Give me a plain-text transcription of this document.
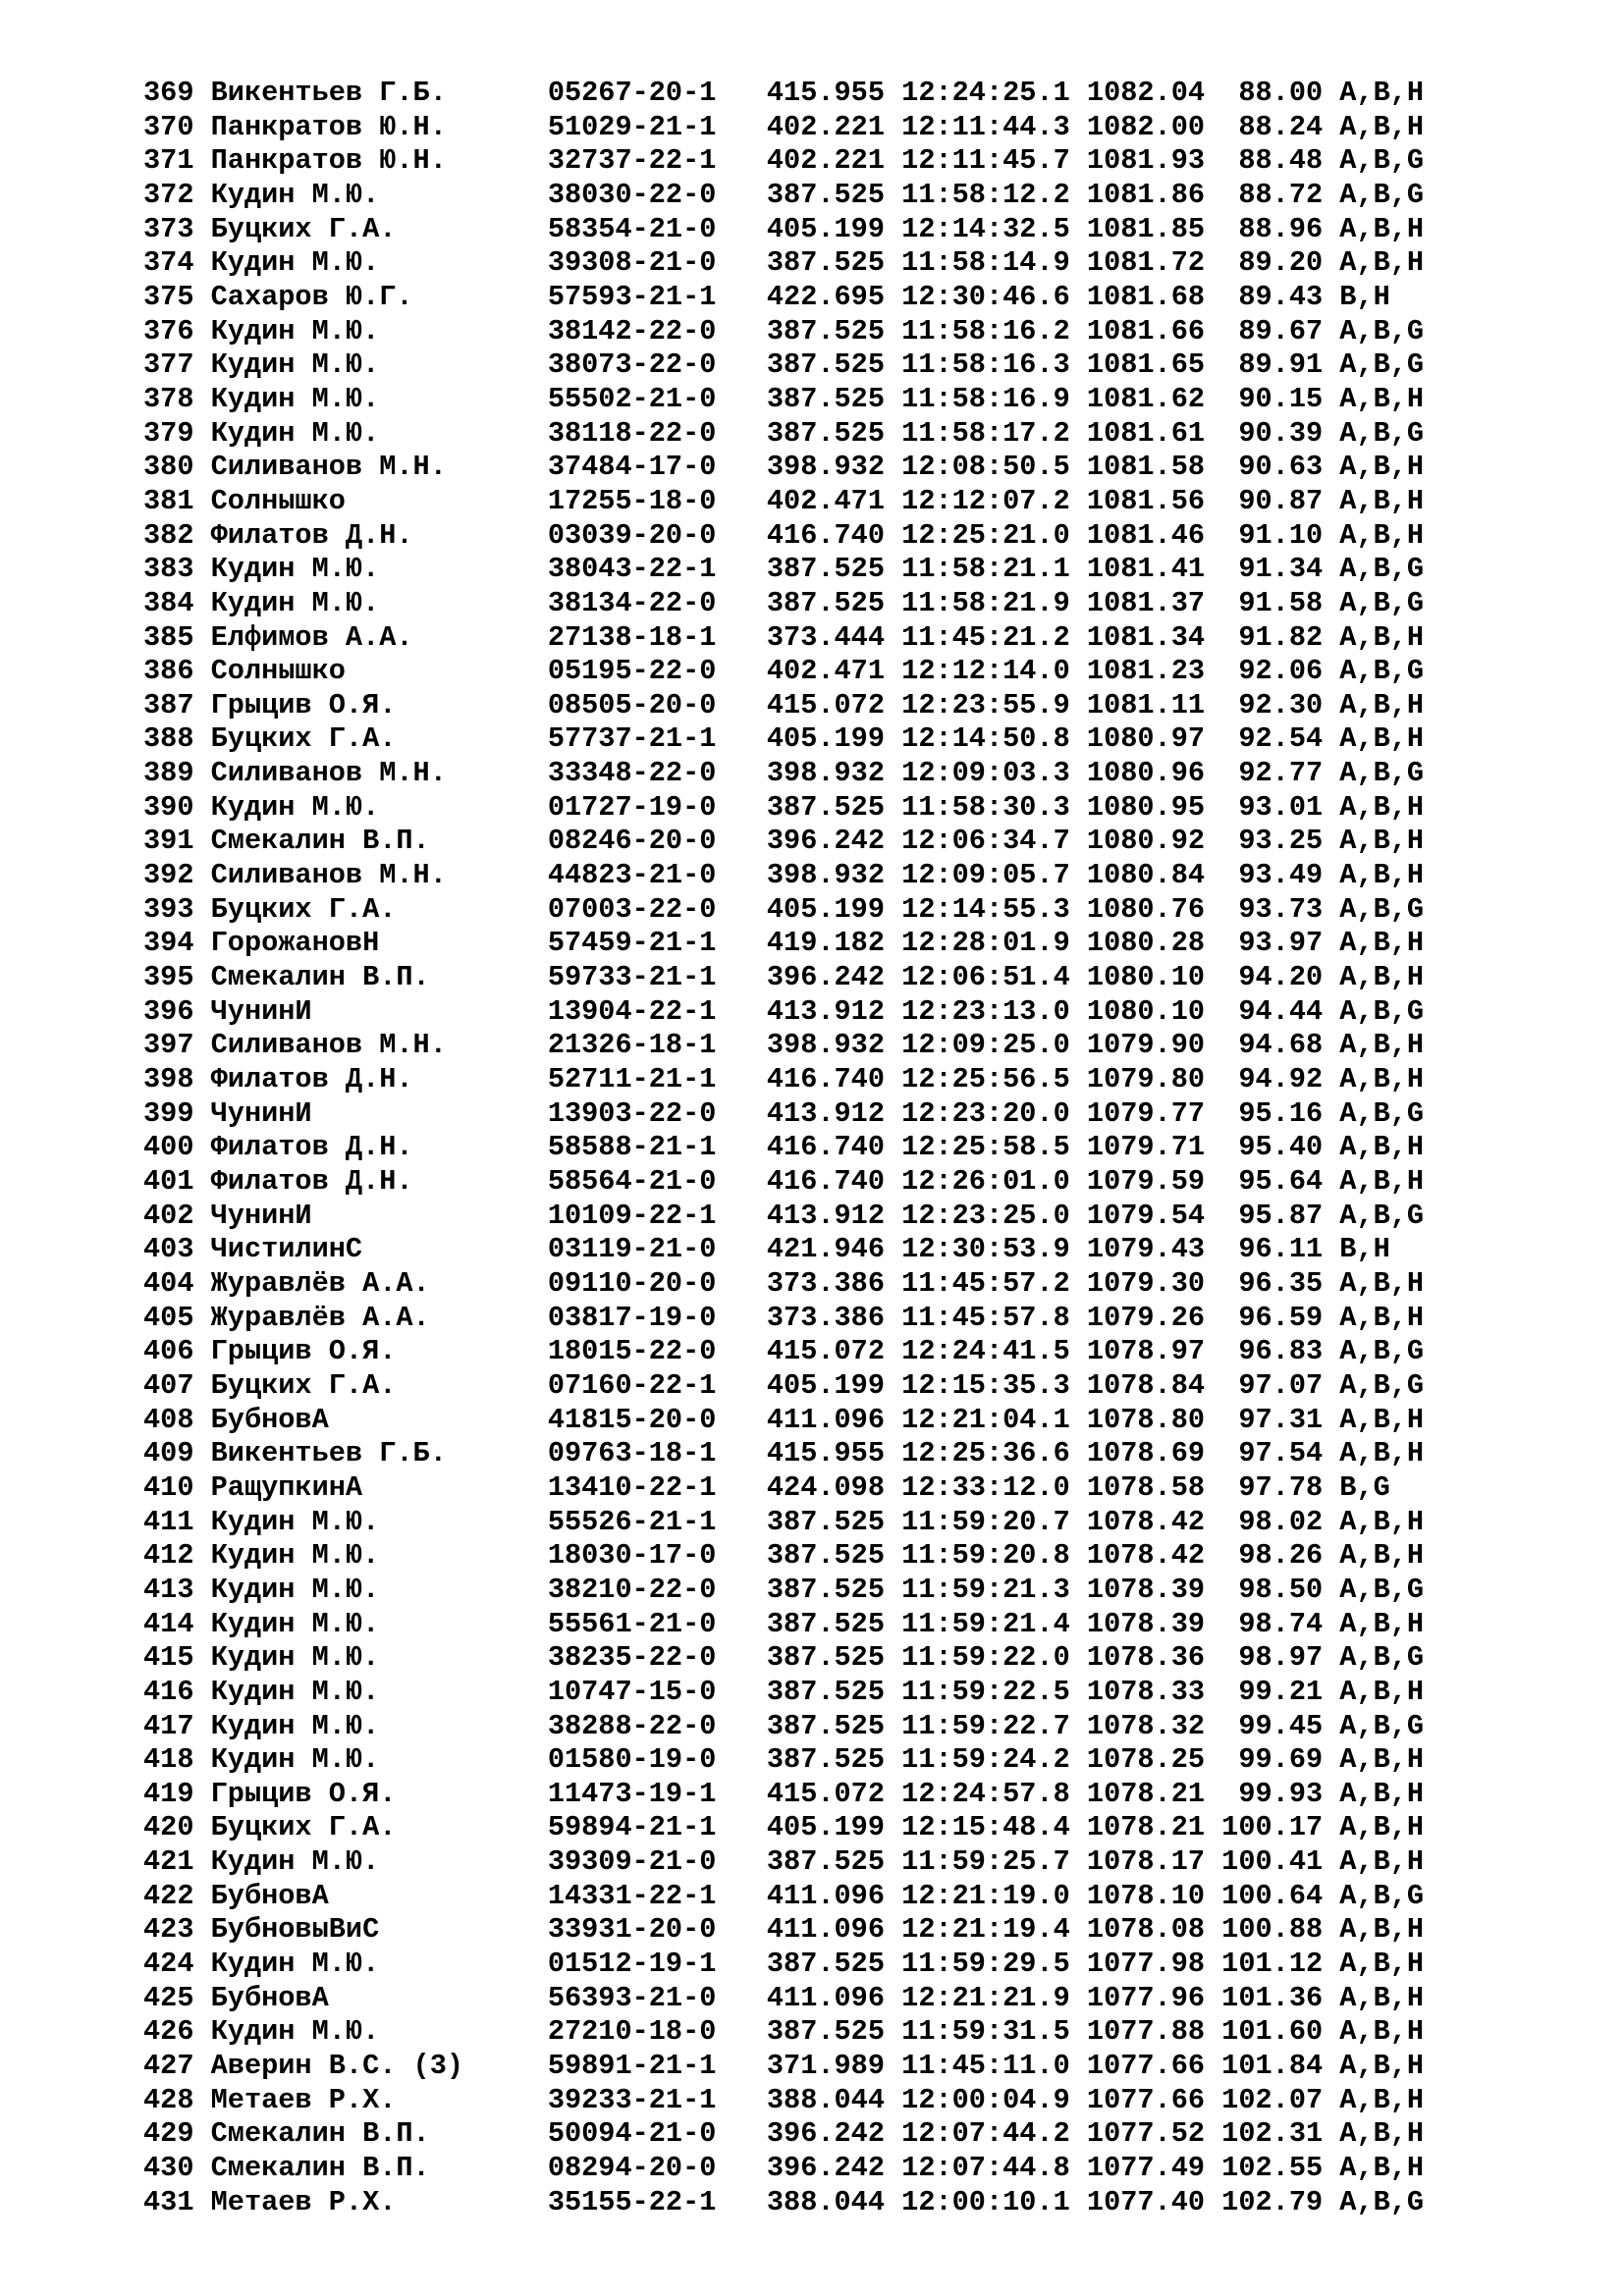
369 Викентьев Г.Б.      05267-20-1   415.955 12:24:25.1 1082.04  88.00 A,B,H
370 Панкратов Ю.Н.      51029-21-1   402.221 12:11:44.3 1082.00  88.24 A,B,H
371 Панкратов Ю.Н.      32737-22-1   402.221 12:11:45.7 1081.93  88.48 A,B,G
372 Кудин М.Ю.          38030-22-0   387.525 11:58:12.2 1081.86  88.72 A,B,G
373 Буцких Г.А.         58354-21-0   405.199 12:14:32.5 1081.85  88.96 A,B,H
374 Кудин М.Ю.          39308-21-0   387.525 11:58:14.9 1081.72  89.20 A,B,H
375 Сахаров Ю.Г.        57593-21-1   422.695 12:30:46.6 1081.68  89.43 B,H
376 Кудин М.Ю.          38142-22-0   387.525 11:58:16.2 1081.66  89.67 A,B,G
377 Кудин М.Ю.          38073-22-0   387.525 11:58:16.3 1081.65  89.91 A,B,G
378 Кудин М.Ю.          55502-21-0   387.525 11:58:16.9 1081.62  90.15 A,B,H
379 Кудин М.Ю.          38118-22-0   387.525 11:58:17.2 1081.61  90.39 A,B,G
380 Силиванов М.Н.      37484-17-0   398.932 12:08:50.5 1081.58  90.63 A,B,H
381 Солнышко            17255-18-0   402.471 12:12:07.2 1081.56  90.87 A,B,H
382 Филатов Д.Н.        03039-20-0   416.740 12:25:21.0 1081.46  91.10 A,B,H
383 Кудин М.Ю.          38043-22-1   387.525 11:58:21.1 1081.41  91.34 A,B,G
384 Кудин М.Ю.          38134-22-0   387.525 11:58:21.9 1081.37  91.58 A,B,G
385 Елфимов А.А.        27138-18-1   373.444 11:45:21.2 1081.34  91.82 A,B,H
386 Солнышко            05195-22-0   402.471 12:12:14.0 1081.23  92.06 A,B,G
387 Грыцив О.Я.         08505-20-0   415.072 12:23:55.9 1081.11  92.30 A,B,H
388 Буцких Г.А.         57737-21-1   405.199 12:14:50.8 1080.97  92.54 A,B,H
389 Силиванов М.Н.      33348-22-0   398.932 12:09:03.3 1080.96  92.77 A,B,G
390 Кудин М.Ю.          01727-19-0   387.525 11:58:30.3 1080.95  93.01 A,B,H
391 Смекалин В.П.       08246-20-0   396.242 12:06:34.7 1080.92  93.25 A,B,H
392 Силиванов М.Н.      44823-21-0   398.932 12:09:05.7 1080.84  93.49 A,B,H
393 Буцких Г.А.         07003-22-0   405.199 12:14:55.3 1080.76  93.73 A,B,G
394 ГорожановН          57459-21-1   419.182 12:28:01.9 1080.28  93.97 A,B,H
395 Смекалин В.П.       59733-21-1   396.242 12:06:51.4 1080.10  94.20 A,B,H
396 ЧунинИ              13904-22-1   413.912 12:23:13.0 1080.10  94.44 A,B,G
397 Силиванов М.Н.      21326-18-1   398.932 12:09:25.0 1079.90  94.68 A,B,H
398 Филатов Д.Н.        52711-21-1   416.740 12:25:56.5 1079.80  94.92 A,B,H
399 ЧунинИ              13903-22-0   413.912 12:23:20.0 1079.77  95.16 A,B,G
400 Филатов Д.Н.        58588-21-1   416.740 12:25:58.5 1079.71  95.40 A,B,H
401 Филатов Д.Н.        58564-21-0   416.740 12:26:01.0 1079.59  95.64 A,B,H
402 ЧунинИ              10109-22-1   413.912 12:23:25.0 1079.54  95.87 A,B,G
403 ЧистилинС           03119-21-0   421.946 12:30:53.9 1079.43  96.11 B,H
404 Журавлёв А.А.       09110-20-0   373.386 11:45:57.2 1079.30  96.35 A,B,H
405 Журавлёв А.А.       03817-19-0   373.386 11:45:57.8 1079.26  96.59 A,B,H
406 Грыцив О.Я.         18015-22-0   415.072 12:24:41.5 1078.97  96.83 A,B,G
407 Буцких Г.А.         07160-22-1   405.199 12:15:35.3 1078.84  97.07 A,B,G
408 БубновА             41815-20-0   411.096 12:21:04.1 1078.80  97.31 A,B,H
409 Викентьев Г.Б.      09763-18-1   415.955 12:25:36.6 1078.69  97.54 A,B,H
410 РащупкинА           13410-22-1   424.098 12:33:12.0 1078.58  97.78 B,G
411 Кудин М.Ю.          55526-21-1   387.525 11:59:20.7 1078.42  98.02 A,B,H
412 Кудин М.Ю.          18030-17-0   387.525 11:59:20.8 1078.42  98.26 A,B,H
413 Кудин М.Ю.          38210-22-0   387.525 11:59:21.3 1078.39  98.50 A,B,G
414 Кудин М.Ю.          55561-21-0   387.525 11:59:21.4 1078.39  98.74 A,B,H
415 Кудин М.Ю.          38235-22-0   387.525 11:59:22.0 1078.36  98.97 A,B,G
416 Кудин М.Ю.          10747-15-0   387.525 11:59:22.5 1078.33  99.21 A,B,H
417 Кудин М.Ю.          38288-22-0   387.525 11:59:22.7 1078.32  99.45 A,B,G
418 Кудин М.Ю.          01580-19-0   387.525 11:59:24.2 1078.25  99.69 A,B,H
419 Грыцив О.Я.         11473-19-1   415.072 12:24:57.8 1078.21  99.93 A,B,H
420 Буцких Г.А.         59894-21-1   405.199 12:15:48.4 1078.21 100.17 A,B,H
421 Кудин М.Ю.          39309-21-0   387.525 11:59:25.7 1078.17 100.41 A,B,H
422 БубновА             14331-22-1   411.096 12:21:19.0 1078.10 100.64 A,B,G
423 БубновыВиС          33931-20-0   411.096 12:21:19.4 1078.08 100.88 A,B,H
424 Кудин М.Ю.          01512-19-1   387.525 11:59:29.5 1077.98 101.12 A,B,H
425 БубновА             56393-21-0   411.096 12:21:21.9 1077.96 101.36 A,B,H
426 Кудин М.Ю.          27210-18-0   387.525 11:59:31.5 1077.88 101.60 A,B,H
427 Аверин В.С. (3)     59891-21-1   371.989 11:45:11.0 1077.66 101.84 A,B,H
428 Метаев Р.Х.         39233-21-1   388.044 12:00:04.9 1077.66 102.07 A,B,H
429 Смекалин В.П.       50094-21-0   396.242 12:07:44.2 1077.52 102.31 A,B,H
430 Смекалин В.П.       08294-20-0   396.242 12:07:44.8 1077.49 102.55 A,B,H
431 Метаев Р.Х.         35155-22-1   388.044 12:00:10.1 1077.40 102.79 A,B,G
